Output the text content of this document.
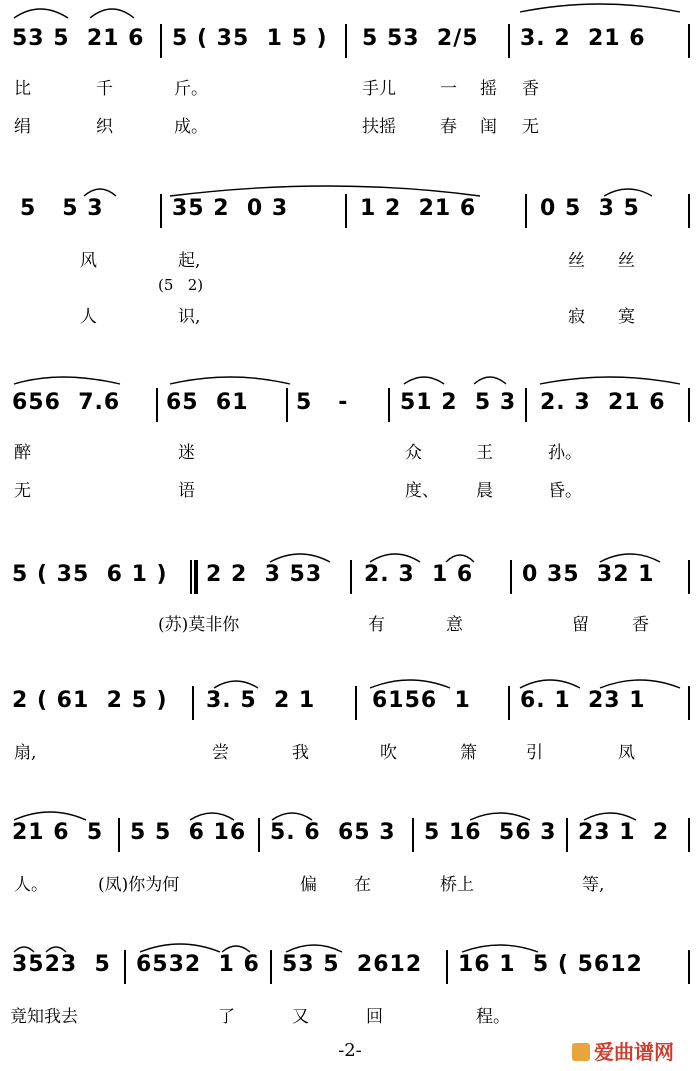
53 5  21 6 5 ( 35  1 5 ) 5 53  2/5 3. 2  21 6
比	千	斤。	手儿	一 摇 香
绢	织	成。	扶摇	春 闺 无
5   5 3	35 2  0 3	1 2  21 6	0 5  3 5
风	起,	丝 丝
(5   2)
人	识,	寂 寞
656  7.6 65  61 5   - 51 2  5 3 2. 3  21 6
醉	迷	众	王	孙。
无	语	度、 晨	昏。
5 ( 35  6 1 ) 2 2  3 53 2. 3  1 6 0 35  32 1
(苏)莫非你	有	意	留	香
2 ( 61  2 5 ) 3. 5  2 1	6156  1 6. 1  23 1
扇,	尝	我	吹	箫	引	凤
21 6  5 5 5  6 16 5. 6  65 3 5 16  56 3 23 1  2
人。	(凤)你为何	偏 在	桥上	等,
3523  5 6532  1 6 53 5  2612 16 1  5 ( 5612
竟知我去	了	又	回	程。
-2-	爱曲谱网
